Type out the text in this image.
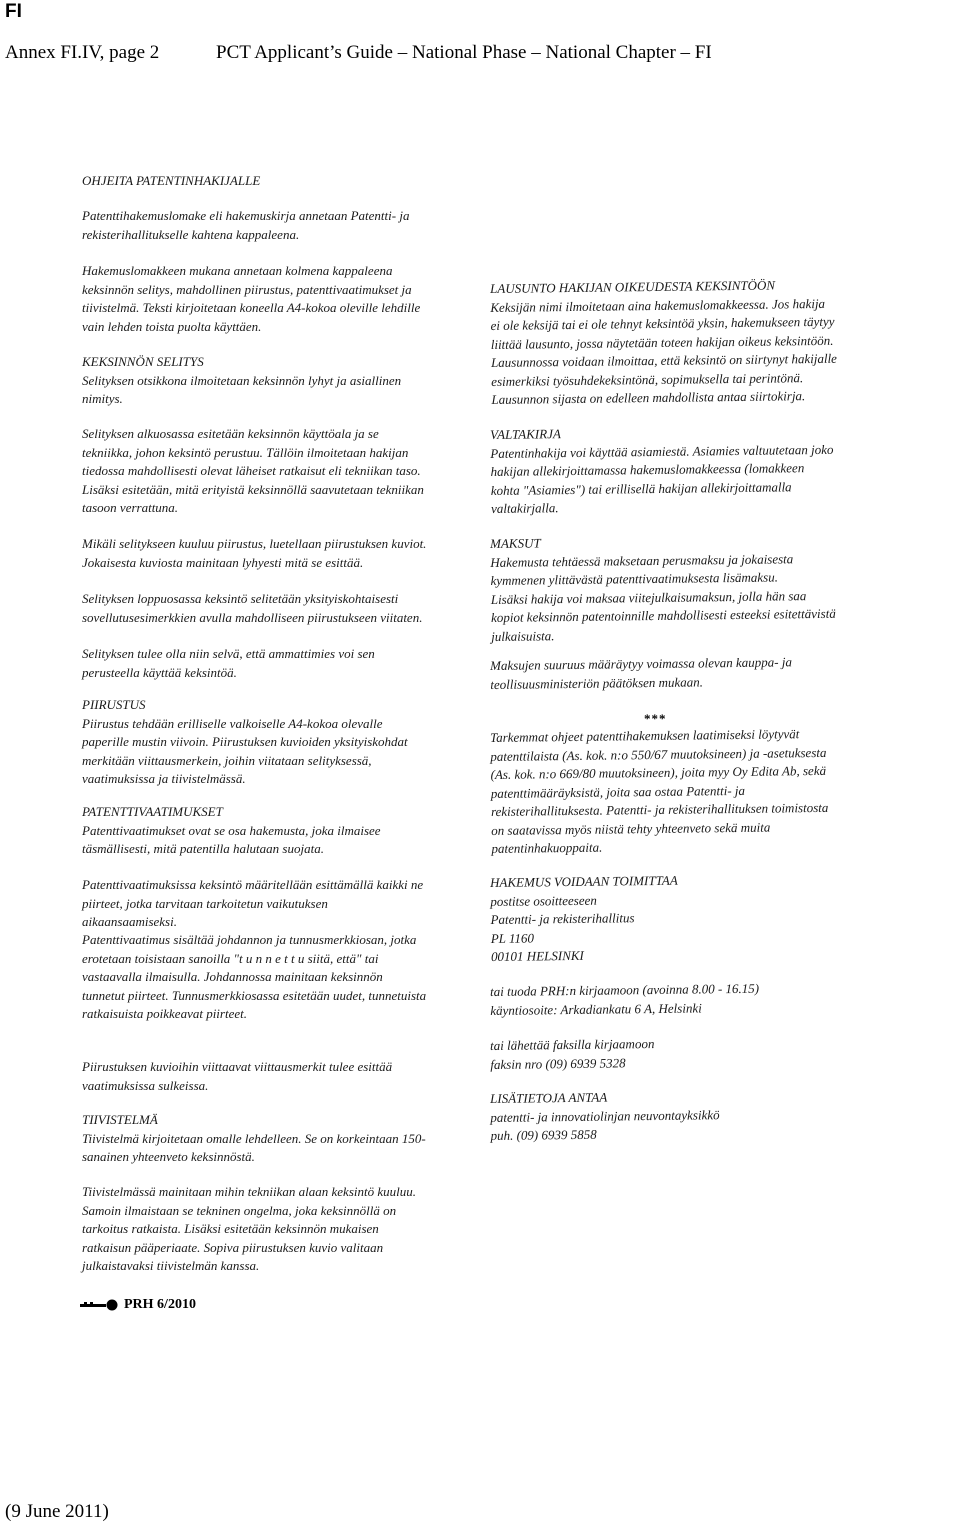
FI
Annex FI.IV, page 2	PCT Applicant’s Guide – National Phase – National Chapter – FI
OHJEITA PATENTINHAKIJALLE
Patenttihakemuslomake eli hakemuskirja annetaan Patentti- ja
rekisterihallitukselle kahtena kappaleena.
Hakemuslomakkeen mukana annetaan kolmena kappaleena
keksinnön selitys, mahdollinen piirustus, patenttivaatimukset ja
tiivistelmä. Teksti kirjoitetaan koneella A4-kokoa oleville lehdille
vain lehden toista puolta käyttäen.
KEKSINNÖN SELITYS
Selityksen otsikkona ilmoitetaan keksinnön lyhyt ja asiallinen
nimitys.
Selityksen alkuosassa esitetään keksinnön käyttöala ja se
tekniikka, johon keksintö perustuu. Tällöin ilmoitetaan hakijan
tiedossa mahdollisesti olevat läheiset ratkaisut eli tekniikan taso.
Lisäksi esitetään, mitä erityistä keksinnöllä saavutetaan tekniikan
tasoon verrattuna.
Mikäli selitykseen kuuluu piirustus, luetellaan piirustuksen kuviot.
Jokaisesta kuviosta mainitaan lyhyesti mitä se esittää.
Selityksen loppuosassa keksintö selitetään yksityiskohtaisesti
sovellutusesimerkkien avulla mahdolliseen piirustukseen viitaten.
Selityksen tulee olla niin selvä, että ammattimies voi sen
perusteella käyttää keksintöä.
PIIRUSTUS
Piirustus tehdään erilliselle valkoiselle A4-kokoa olevalle
paperille mustin viivoin. Piirustuksen kuvioiden yksityiskohdat
merkitään viittausmerkein, joihin viitataan selityksessä,
vaatimuksissa ja tiivistelmässä.
PATENTTIVAATIMUKSET
Patenttivaatimukset ovat se osa hakemusta, joka ilmaisee
täsmällisesti, mitä patentilla halutaan suojata.
Patenttivaatimuksissa keksintö määritellään esittämällä kaikki ne
piirteet, jotka tarvitaan tarkoitetun vaikutuksen
aikaansaamiseksi.
Patenttivaatimus sisältää johdannon ja tunnusmerkkiosan, jotka
erotetaan toisistaan sanoilla "t u n n e t t u siitä, että" tai
vastaavalla ilmaisulla. Johdannossa mainitaan keksinnön
tunnetut piirteet. Tunnusmerkkiosassa esitetään uudet, tunnetuista
ratkaisuista poikkeavat piirteet.
Piirustuksen kuvioihin viittaavat viittausmerkit tulee esittää
vaatimuksissa sulkeissa.
TIIVISTELMÄ
Tiivistelmä kirjoitetaan omalle lehdelleen. Se on korkeintaan 150-
sanainen yhteenveto keksinnöstä.
Tiivistelmässä mainitaan mihin tekniikan alaan keksintö kuuluu.
Samoin ilmaistaan se tekninen ongelma, joka keksinnöllä on
tarkoitus ratkaista. Lisäksi esitetään keksinnön mukaisen
ratkaisun pääperiaate. Sopiva piirustuksen kuvio valitaan
julkaistavaksi tiivistelmän kanssa.
LAUSUNTO HAKIJAN OIKEUDESTA KEKSINTÖÖN
Keksijän nimi ilmoitetaan aina hakemuslomakkeessa. Jos hakija
ei ole keksijä tai ei ole tehnyt keksintöä yksin, hakemukseen täytyy
liittää lausunto, jossa näytetään toteen hakijan oikeus keksintöön.
Lausunnossa voidaan ilmoittaa, että keksintö on siirtynyt hakijalle
esimerkiksi työsuhdekeksintönä, sopimuksella tai perintönä.
Lausunnon sijasta on edelleen mahdollista antaa siirtokirja.
VALTAKIRJA
Patentinhakija voi käyttää asiamiestä. Asiamies valtuutetaan joko
hakijan allekirjoittamassa hakemuslomakkeessa (lomakkeen
kohta "Asiamies") tai erillisellä hakijan allekirjoittamalla
valtakirjalla.
MAKSUT
Hakemusta tehtäessä maksetaan perusmaksu ja jokaisesta
kymmenen ylittävästä patenttivaatimuksesta lisämaksu.
Lisäksi hakija voi maksaa viitejulkaisumaksun, jolla hän saa
kopiot keksinnön patentoinnille mahdollisesti esteeksi esitettävistä
julkaisuista.
Maksujen suuruus määräytyy voimassa olevan kauppa- ja
teollisuusministeriön päätöksen mukaan.
Tarkemmat ohjeet patenttihakemuksen laatimiseksi löytyvät
patenttilaista (As. kok. n:o 550/67 muutoksineen) ja -asetuksesta
(As. kok. n:o 669/80 muutoksineen), joita myy Oy Edita Ab, sekä
patenttimääräyksistä, joita saa ostaa Patentti- ja
rekisterihallituksesta. Patentti- ja rekisterihallituksen toimistosta
on saatavissa myös niistä tehty yhteenveto sekä muita
patentinhakuoppaita.
HAKEMUS VOIDAAN TOIMITTAA
postitse osoitteeseen
Patentti- ja rekisterihallitus
PL 1160
00101 HELSINKI
tai tuoda PRH:n kirjaamoon (avoinna 8.00 - 16.15)
käyntiosoite: Arkadiankatu 6 A, Helsinki
tai lähettää faksilla kirjaamoon
faksin nro (09) 6939 5328
LISÄTIETOJA ANTAA
patentti- ja innovatiolinjan neuvontayksikkö
puh. (09) 6939 5858
***
PRH 6/2010
(9 June 2011)
